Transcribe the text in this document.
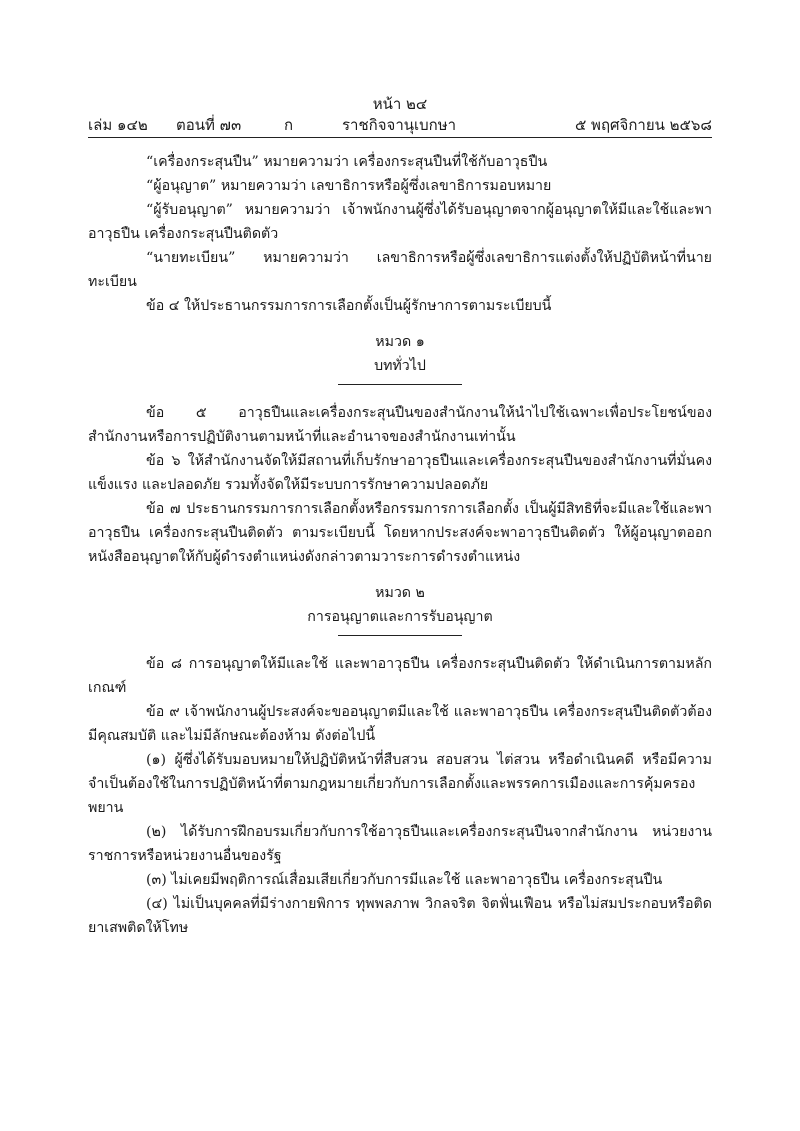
หน้า ๒๔
เล่ม ๑๔๒ ตอนที่ ๗๓	ก	ราชกิจจานุเบกษา	๕ พฤศจิกายน ๒๕๖๘

“เครื่องกระสุนปืน” หมายความว่า เครื่องกระสุนปืนที่ใช้กับอาวุธปืน

“ผู้อนุญาต” หมายความว่า เลขาธิการหรือผู้ซึ่งเลขาธิการมอบหมาย

“ผู้รับอนุญาต” หมายความว่า เจ้าพนักงานผู้ซึ่งได้รับอนุญาตจากผู้อนุญาตให้มีและใช้และพาอาวุธปืน เครื่องกระสุนปืนติดตัว

“นายทะเบียน” หมายความว่า เลขาธิการหรือผู้ซึ่งเลขาธิการแต่งตั้งให้ปฏิบัติหน้าที่นายทะเบียน

ข้อ ๔ ให้ประธานกรรมการการเลือกตั้งเป็นผู้รักษาการตามระเบียบนี้

หมวด ๑

บททั่วไป

ข้อ ๕ อาวุธปืนและเครื่องกระสุนปืนของสำนักงานให้นำไปใช้เฉพาะเพื่อประโยชน์ของสำนักงานหรือการปฏิบัติงานตามหน้าที่และอำนาจของสำนักงานเท่านั้น

ข้อ ๖ ให้สำนักงานจัดให้มีสถานที่เก็บรักษาอาวุธปืนและเครื่องกระสุนปืนของสำนักงานที่มั่นคงแข็งแรง และปลอดภัย รวมทั้งจัดให้มีระบบการรักษาความปลอดภัย

ข้อ ๗ ประธานกรรมการการเลือกตั้งหรือกรรมการการเลือกตั้ง เป็นผู้มีสิทธิที่จะมีและใช้และพาอาวุธปืน เครื่องกระสุนปืนติดตัว ตามระเบียบนี้ โดยหากประสงค์จะพาอาวุธปืนติดตัว ให้ผู้อนุญาตออกหนังสืออนุญาตให้กับผู้ดำรงตำแหน่งดังกล่าวตามวาระการดำรงตำแหน่ง

หมวด ๒

การอนุญาตและการรับอนุญาต

ข้อ ๘ การอนุญาตให้มีและใช้ และพาอาวุธปืน เครื่องกระสุนปืนติดตัว ให้ดำเนินการตามหลักเกณฑ์

ข้อ ๙ เจ้าพนักงานผู้ประสงค์จะขออนุญาตมีและใช้ และพาอาวุธปืน เครื่องกระสุนปืนติดตัวต้องมีคุณสมบัติ และไม่มีลักษณะต้องห้าม ดังต่อไปนี้

(๑) ผู้ซึ่งได้รับมอบหมายให้ปฏิบัติหน้าที่สืบสวน สอบสวน ไต่สวน หรือดำเนินคดี หรือมีความจำเป็นต้องใช้ในการปฏิบัติหน้าที่ตามกฎหมายเกี่ยวกับการเลือกตั้งและพรรคการเมืองและการคุ้มครองพยาน

(๒) ได้รับการฝึกอบรมเกี่ยวกับการใช้อาวุธปืนและเครื่องกระสุนปืนจากสำนักงาน หน่วยงานราชการหรือหน่วยงานอื่นของรัฐ

(๓) ไม่เคยมีพฤติการณ์เสื่อมเสียเกี่ยวกับการมีและใช้ และพาอาวุธปืน เครื่องกระสุนปืน

(๔) ไม่เป็นบุคคลที่มีร่างกายพิการ ทุพพลภาพ วิกลจริต จิตฟั่นเฟือน หรือไม่สมประกอบหรือติดยาเสพติดให้โทษ
